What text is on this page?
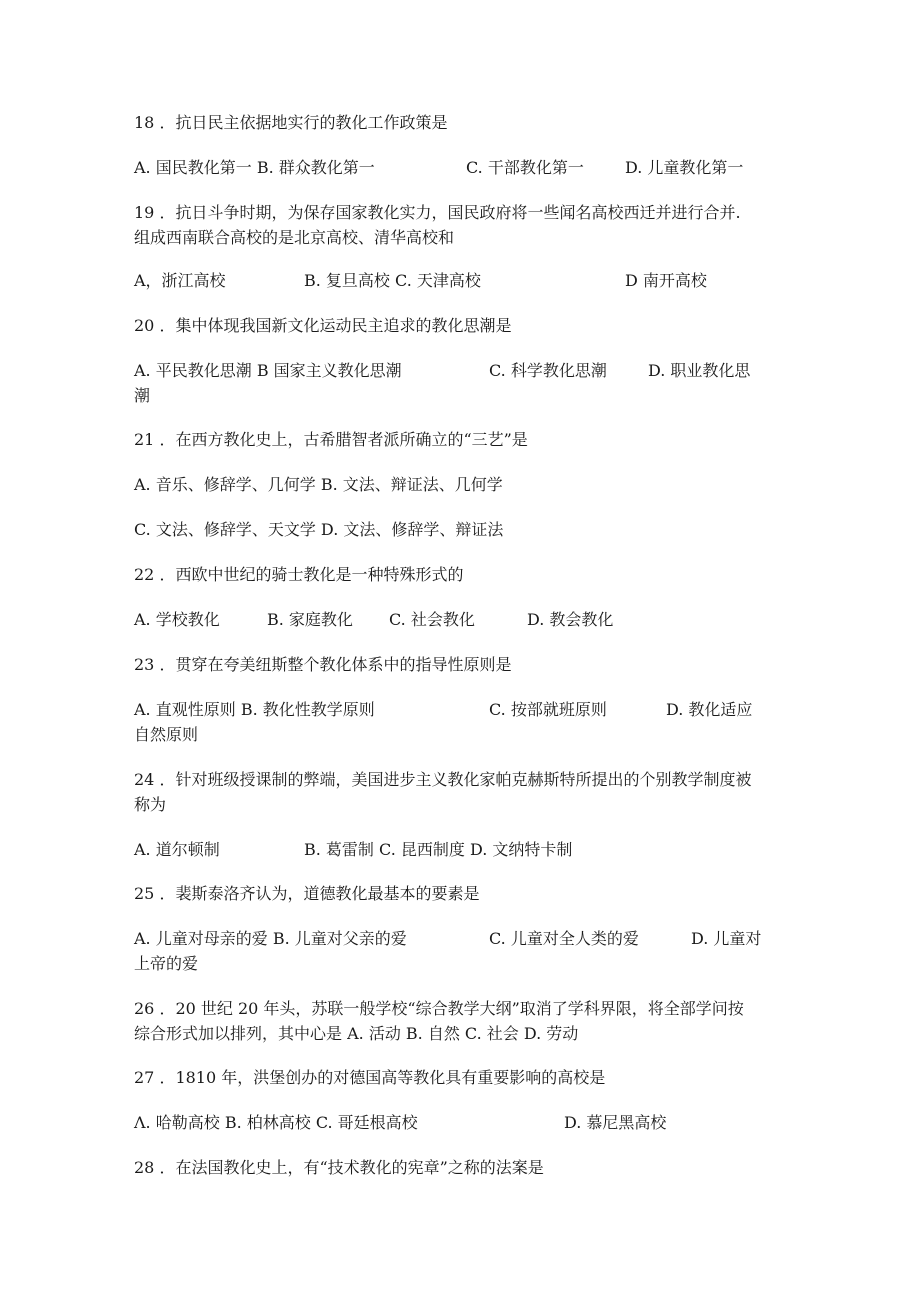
18 ．抗日民主依据地实行的教化工作政策是
A. 国民教化第一 B. 群众教化第一	C. 干部教化第一	D. 儿童教化第一
19 ．抗日斗争时期，为保存国家教化实力，国民政府将一些闻名高校西迁并进行合并.
组成西南联合高校的是北京高校、清华高校和
A，浙江高校	B. 复旦高校 C. 天津高校	D 南开高校
20 ．集中体现我国新文化运动民主追求的教化思潮是
A. 平民教化思潮 B 国家主义教化思潮	C. 科学教化思潮	D. 职业教化思
潮
21 ．在西方教化史上，古希腊智者派所确立的“三艺”是
A. 音乐、修辞学、几何学 B. 文法、辩证法、几何学
C. 文法、修辞学、天文学 D. 文法、修辞学、辩证法
22 ．西欧中世纪的骑士教化是一种特殊形式的
A. 学校教化	B. 家庭教化 C. 社会教化	D. 教会教化
23 ．贯穿在夸美纽斯整个教化体系中的指导性原则是
A. 直观性原则 B. 教化性教学原则	C. 按部就班原则	D. 教化适应
自然原则
24 ．针对班级授课制的弊端，美国进步主义教化家帕克赫斯特所提出的个别教学制度被
称为
A. 道尔顿制	B. 葛雷制 C. 昆西制度 D. 文纳特卡制
25 ．裴斯泰洛齐认为，道德教化最基本的要素是
A. 儿童对母亲的爱 B. 儿童对父亲的爱	C. 儿童对全人类的爱	D. 儿童对
上帝的爱
26 ．20 世纪 20 年头，苏联一般学校“综合教学大纲”取消了学科界限，将全部学问按
综合形式加以排列，其中心是 A. 活动 B. 自然 C. 社会 D. 劳动
27 ．1810 年，洪堡创办的对德国高等教化具有重要影响的高校是
Λ. 哈勒高校 B. 柏林高校 C. 哥廷根高校	D. 慕尼黑高校
28 ．在法国教化史上，有“技术教化的宪章”之称的法案是
